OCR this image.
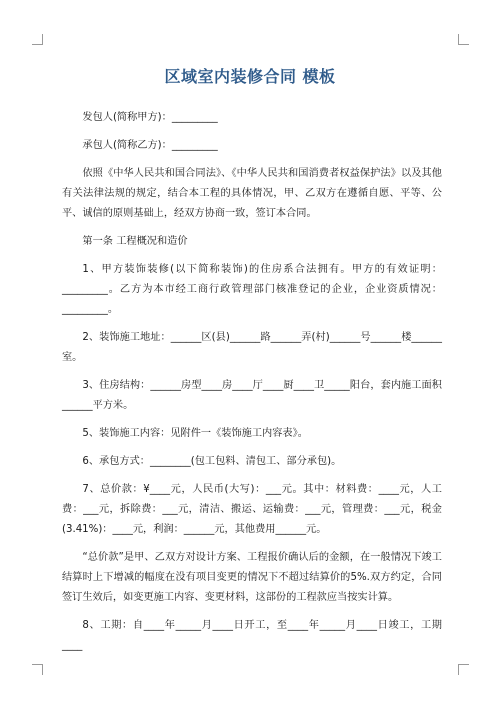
区域室内装修合同 模板

发包人(简称甲方)：_________

承包人(简称乙方)：_________

依照《中华人民共和国合同法》、《中华人民共和国消费者权益保护法》以及其他有关法律法规的规定，结合本工程的具体情况，甲、乙双方在遵循自愿、平等、公平、诚信的原则基础上，经双方协商一致，签订本合同。

第一条 工程概况和造价

1、甲方装饰装修(以下简称装饰)的住房系合法拥有。甲方的有效证明：_________。乙方为本市经工商行政管理部门核准登记的企业，企业资质情况：_________。

2、装饰施工地址：______区(县)______路______弄(村)______号______楼______室。

3、住房结构：______房型____房____厅____厨____卫_____阳台，套内施工面积______平方米。

5、装饰施工内容：见附件一《装饰施工内容表》。

6、承包方式：________(包工包料、清包工、部分承包)。

7、总价款：¥____元，人民币(大写)：___元。其中：材料费：____元，人工费：___元，拆除费：___元，清洁、搬运、运输费：___元，管理费：___元，税金(3.41%)：____元，利润：______元，其他费用______元。

“总价款”是甲、乙双方对设计方案、工程报价确认后的金额，在一般情况下竣工结算时上下增减的幅度在没有项目变更的情况下不超过结算价的5%.双方约定，合同签订生效后，如变更施工内容、变更材料，这部份的工程款应当按实计算。

8、工期：自____年_____月____日开工，至____年_____月____日竣工，工期____
